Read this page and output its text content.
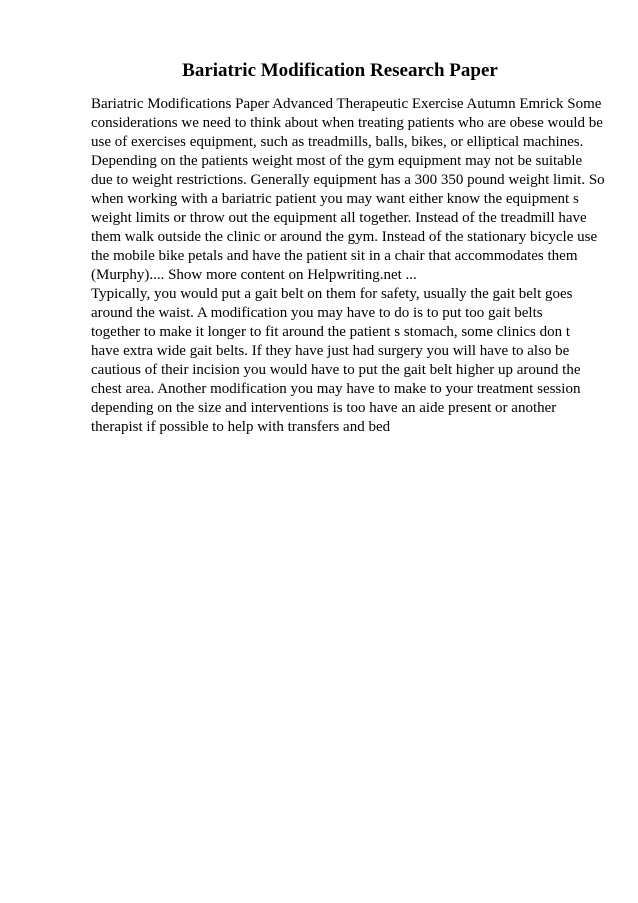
Bariatric Modification Research Paper
Bariatric Modifications Paper Advanced Therapeutic Exercise Autumn Emrick Some
considerations we need to think about when treating patients who are obese would be
use of exercises equipment, such as treadmills, balls, bikes, or elliptical machines.
Depending on the patients weight most of the gym equipment may not be suitable
due to weight restrictions. Generally equipment has a 300 350 pound weight limit. So
when working with a bariatric patient you may want either know the equipment s
weight limits or throw out the equipment all together. Instead of the treadmill have
them walk outside the clinic or around the gym. Instead of the stationary bicycle use
the mobile bike petals and have the patient sit in a chair that accommodates them
(Murphy).... Show more content on Helpwriting.net ...
Typically, you would put a gait belt on them for safety, usually the gait belt goes
around the waist. A modification you may have to do is to put too gait belts
together to make it longer to fit around the patient s stomach, some clinics don t
have extra wide gait belts. If they have just had surgery you will have to also be
cautious of their incision you would have to put the gait belt higher up around the
chest area. Another modification you may have to make to your treatment session
depending on the size and interventions is too have an aide present or another
therapist if possible to help with transfers and bed
